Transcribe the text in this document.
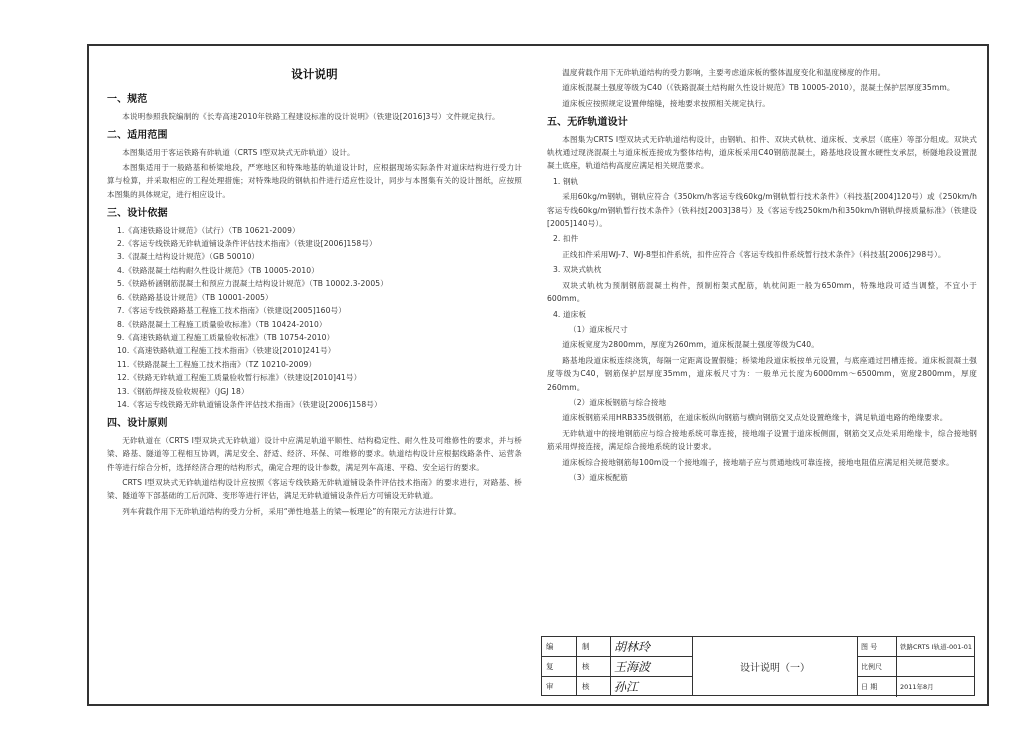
设计说明
一、规范
本说明参照我院编制的《长寿高速2010年铁路工程建设标准的设计说明》（铁建设[2016]3号）文件规定执行。
二、适用范围
本图集适用于客运铁路有砟轨道（CRTS I型双块式无砟轨道）设计。
本图集适用于一般路基和桥梁地段，严寒地区和特殊地基的轨道设计时，应根据现场实际条件对道床结构进行受力计算与检算，并采取相应的工程处理措施；对特殊地段的钢轨扣件进行适应性设计，同步与本图集有关的设计图纸，应按照本图集的具体规定，进行相应设计。
三、设计依据
1.《高速铁路设计规范》（试行）（TB 10621-2009）
2.《客运专线铁路无砟轨道铺设条件评估技术指南》（铁建设[2006]158号）
3.《混凝土结构设计规范》（GB 50010）
4.《铁路混凝土结构耐久性设计规范》（TB 10005-2010）
5.《铁路桥涵钢筋混凝土和预应力混凝土结构设计规范》（TB 10002.3-2005）
6.《铁路路基设计规范》（TB 10001-2005）
7.《客运专线铁路路基工程施工技术指南》（铁建设[2005]160号）
8.《铁路混凝土工程施工质量验收标准》（TB 10424-2010）
9.《高速铁路轨道工程施工质量验收标准》（TB 10754-2010）
10.《高速铁路轨道工程施工技术指南》（铁建设[2010]241号）
11.《铁路混凝土工程施工技术指南》（TZ 10210-2009）
12.《铁路无砟轨道工程施工质量验收暂行标准》（铁建设[2010]41号）
13.《钢筋焊接及验收规程》（JGJ 18）
14.《客运专线铁路无砟轨道铺设条件评估技术指南》（铁建设[2006]158号）
四、设计原则
无砟轨道在（CRTS I型双块式无砟轨道）设计中应满足轨道平顺性、结构稳定性、耐久性及可维修性的要求，并与桥梁、路基、隧道等工程相互协调，满足安全、舒适、经济、环保、可维修的要求。轨道结构设计应根据线路条件、运营条件等进行综合分析，选择经济合理的结构形式，确定合理的设计参数，满足列车高速、平稳、安全运行的要求。
CRTS I型双块式无砟轨道结构设计应按照《客运专线铁路无砟轨道铺设条件评估技术指南》的要求进行，对路基、桥梁、隧道等下部基础的工后沉降、变形等进行评估，满足无砟轨道铺设条件后方可铺设无砟轨道。
列车荷载作用下无砟轨道结构的受力分析，采用“弹性地基上的梁—板理论”的有限元方法进行计算。
温度荷载作用下无砟轨道结构的受力影响，主要考虑道床板的整体温度变化和温度梯度的作用。
道床板混凝土强度等级为C40（《铁路混凝土结构耐久性设计规范》TB 10005-2010），混凝土保护层厚度35mm。
道床板应按照规定设置伸缩缝，接地要求按照相关规定执行。
五、无砟轨道设计
本图集为CRTS I型双块式无砟轨道结构设计，由钢轨、扣件、双块式轨枕、道床板、支承层（底座）等部分组成。双块式轨枕通过现浇混凝土与道床板连接成为整体结构，道床板采用C40钢筋混凝土，路基地段设置水硬性支承层，桥隧地段设置混凝土底座，轨道结构高度应满足相关规范要求。
1. 钢轨
采用60kg/m钢轨，钢轨应符合《350km/h客运专线60kg/m钢轨暂行技术条件》（科技基[2004]120号）或《250km/h客运专线60kg/m钢轨暂行技术条件》（铁科技[2003]38号）及《客运专线250km/h和350km/h钢轨焊接质量标准》（铁建设[2005]140号）。
2. 扣件
正线扣件采用WJ-7、WJ-8型扣件系统，扣件应符合《客运专线扣件系统暂行技术条件》（科技基[2006]298号）。
3. 双块式轨枕
双块式轨枕为预制钢筋混凝土构件，预制桁架式配筋，轨枕间距一般为650mm，特殊地段可适当调整，不宜小于600mm。
4. 道床板
（1）道床板尺寸
道床板宽度为2800mm，厚度为260mm，道床板混凝土强度等级为C40。
路基地段道床板连续浇筑，每隔一定距离设置假缝；桥梁地段道床板按单元设置，与底座通过凹槽连接。道床板混凝土强度等级为C40，钢筋保护层厚度35mm，道床板尺寸为：一般单元长度为6000mm～6500mm，宽度2800mm，厚度260mm。
（2）道床板钢筋与综合接地
道床板钢筋采用HRB335级钢筋，在道床板纵向钢筋与横向钢筋交叉点处设置绝缘卡，满足轨道电路的绝缘要求。
无砟轨道中的接地钢筋应与综合接地系统可靠连接，接地端子设置于道床板侧面，钢筋交叉点处采用绝缘卡，综合接地钢筋采用焊接连接，满足综合接地系统的设计要求。
道床板综合接地钢筋每100m设一个接地端子，接地端子应与贯通地线可靠连接，接地电阻值应满足相关规范要求。
（3）道床板配筋
编	制 胡林玲
复	核 王海波
审	核 孙江
设计说明（一）
图 号	铁路CRTS I轨道-001-01
比例尺
日 期	2011年8月
